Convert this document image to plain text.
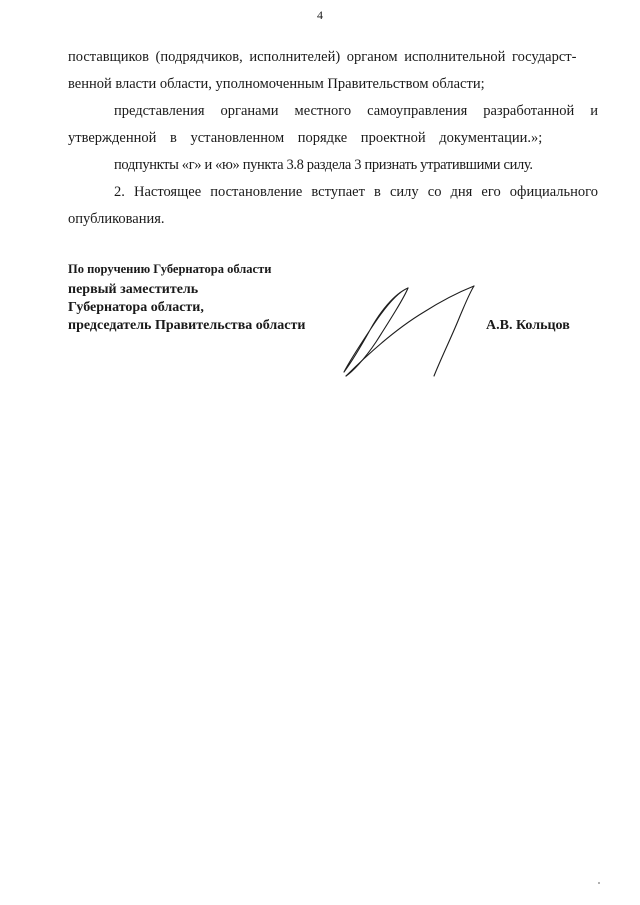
4

поставщиков (подрядчиков, исполнителей) органом исполнительной государст-

венной власти области, уполномоченным Правительством области;

представления органами местного самоуправления разработанной и утвержденной в установленном порядке проектной документации.»;

подпункты «г» и «ю» пункта 3.8 раздела 3 признать утратившими силу.

2. Настоящее постановление вступает в силу со дня его официального опубликования.

По поручению Губернатора области
первый заместитель
Губернатора области,
председатель Правительства области	А.В. Кольцов
